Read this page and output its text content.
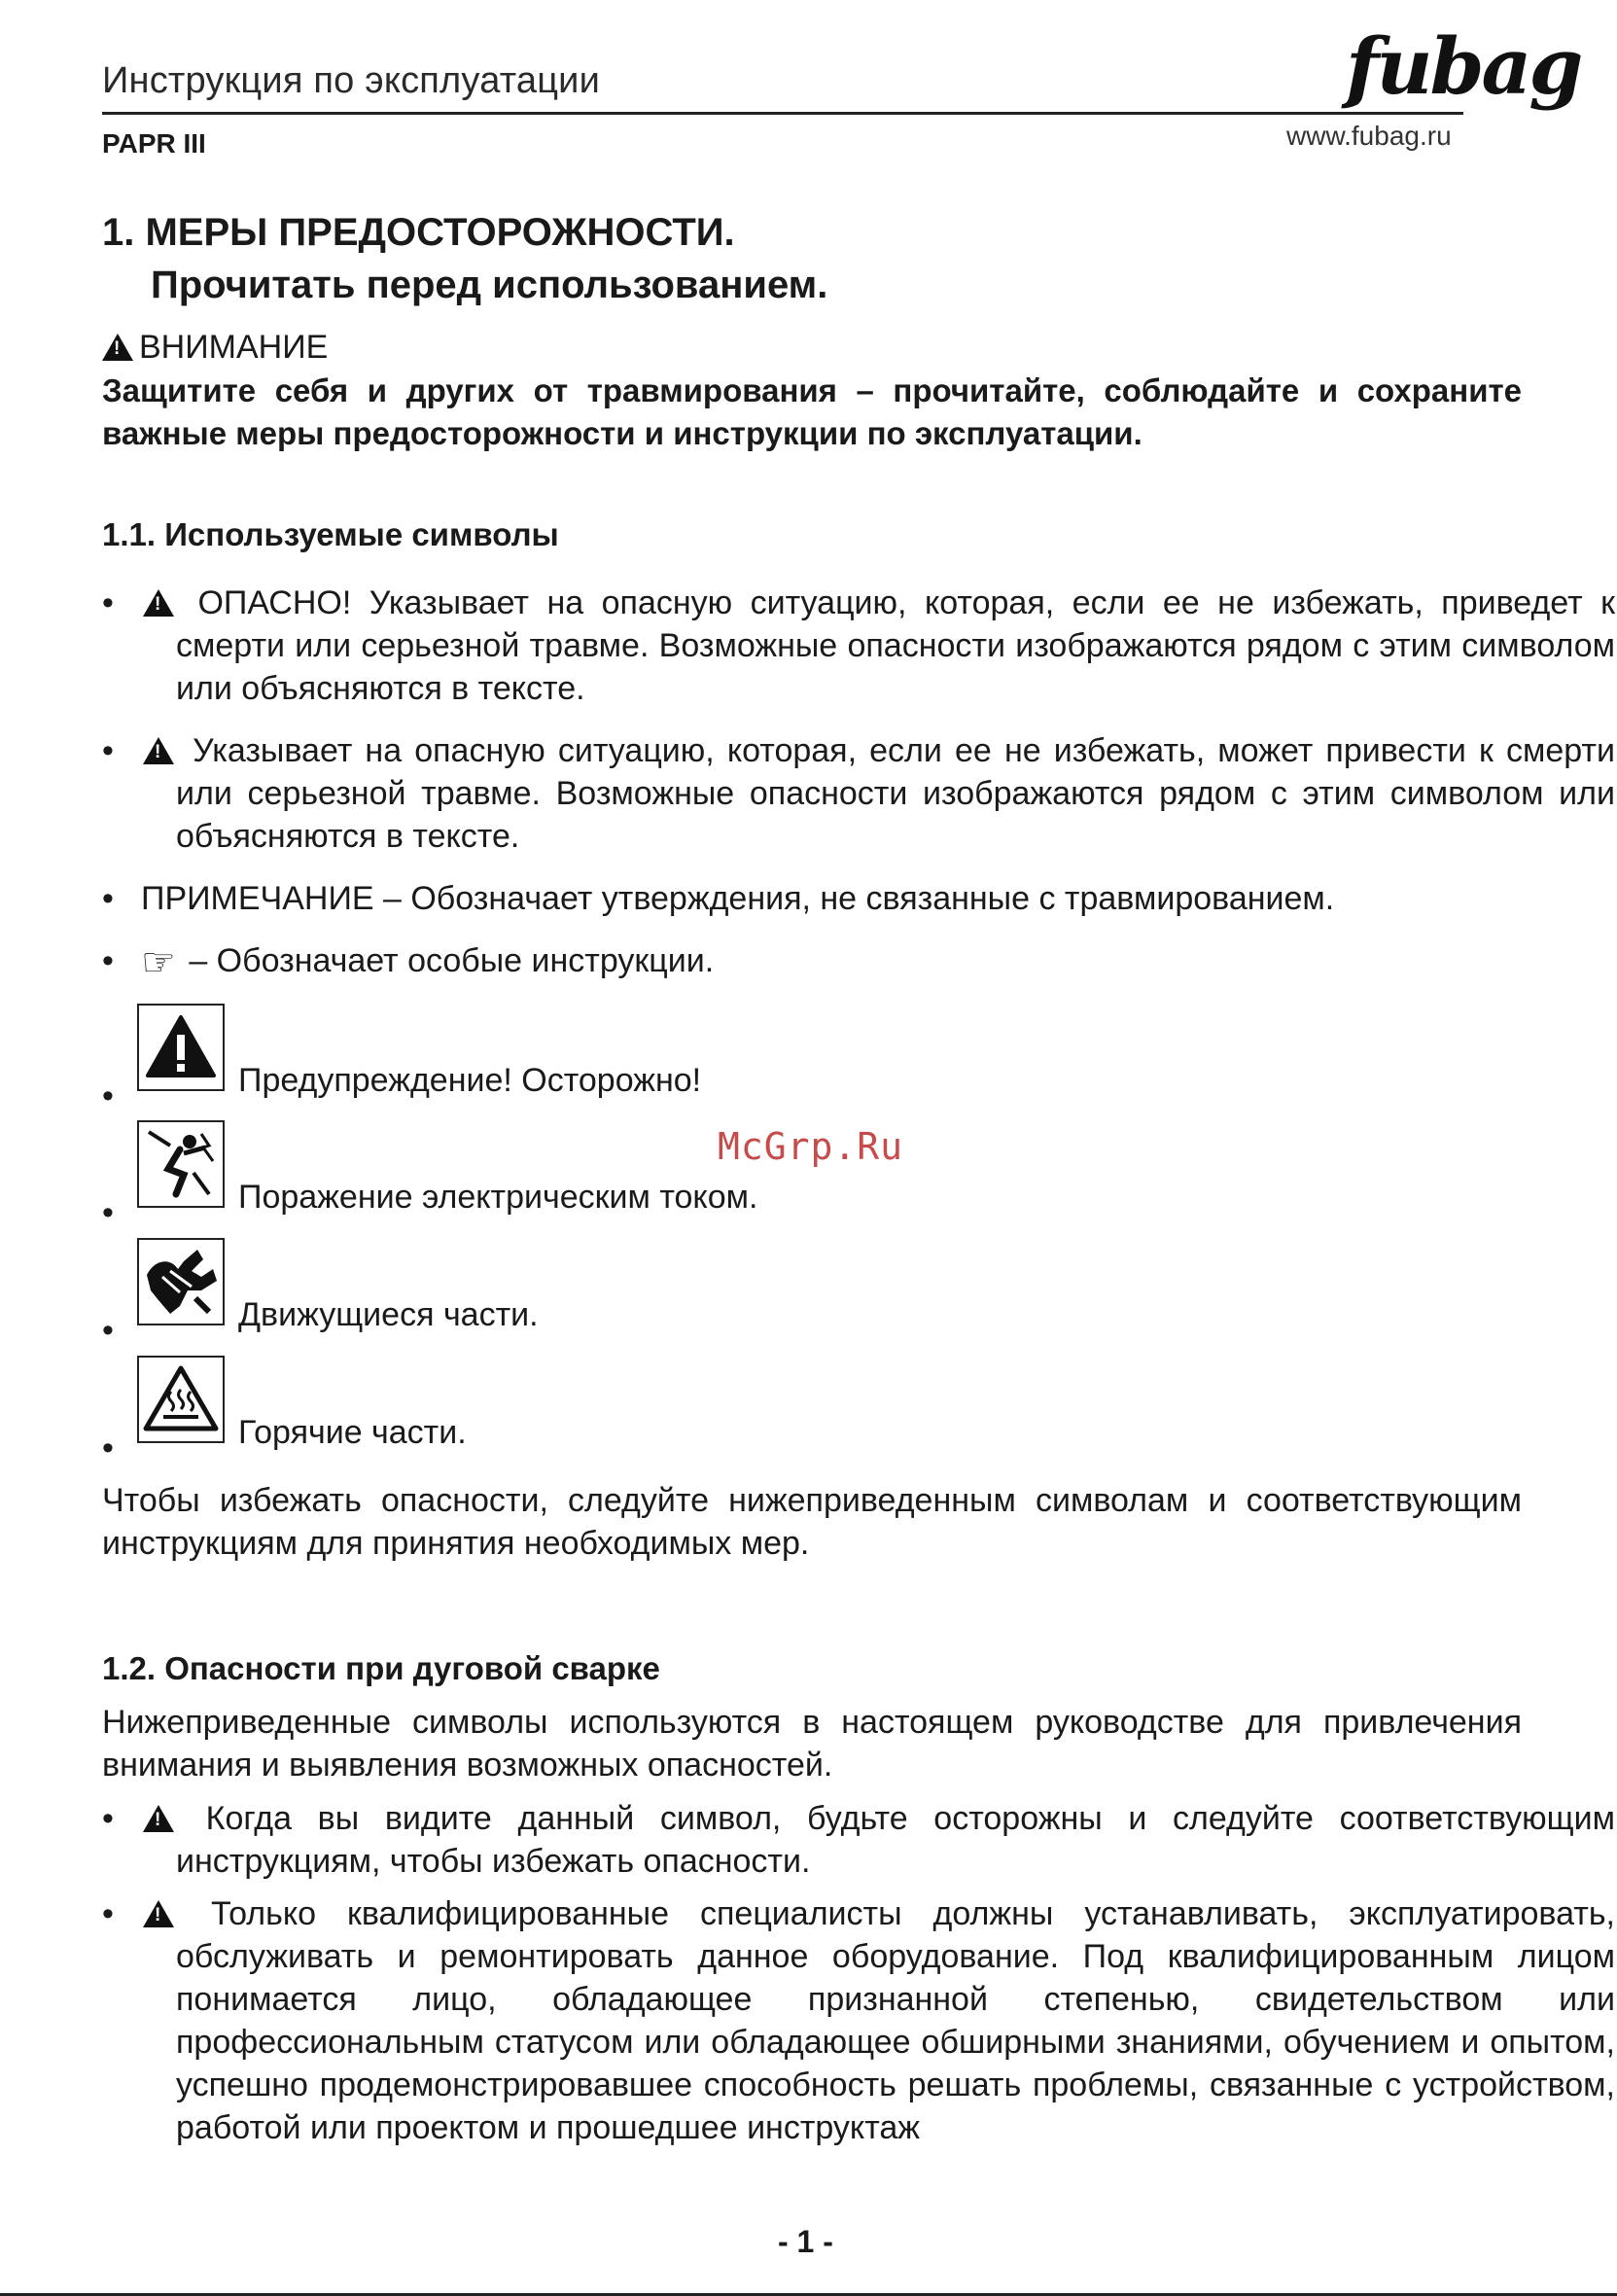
Инструкция по эксплуатации
PAPR III
fubag
www.fubag.ru
1. МЕРЫ ПРЕДОСТОРОЖНОСТИ.
Прочитать перед использованием.
!ВНИМАНИЕ
Защитите себя и других от травмирования – прочитайте, соблюдайте и сохраните важные меры предосторожности и инструкции по эксплуатации.
1.1. Используемые символы
• !	ОПАСНО! Указывает на опасную ситуацию, которая, если ее не избежать, приведет к смерти или серьезной травме. Возможные опасности изображаются рядом с этим символом или объясняются в тексте.
• !	Указывает на опасную ситуацию, которая, если ее не избежать, может привести к смерти или серьезной травме. Возможные опасности изображаются рядом с этим символом или объясняются в тексте.
• ПРИМЕЧАНИЕ – Обозначает утверждения, не связанные с травмированием.
• ☞ – Обозначает особые инструкции.
•	Предупреждение! Осторожно!
•	Поражение электрическим током.
•	Движущиеся части.
•	Горячие части.
Чтобы избежать опасности, следуйте нижеприведенным символам и соответствующим инструкциям для принятия необходимых мер.
McGrp.Ru
1.2. Опасности при дуговой сварке
Нижеприведенные символы используются в настоящем руководстве для привлечения внимания и выявления возможных опасностей.
• !	Когда вы видите данный символ, будьте осторожны и следуйте соответствующим инструкциям, чтобы избежать опасности.
• !	Только квалифицированные специалисты должны устанавливать, эксплуатировать, обслуживать и ремонтировать данное оборудование. Под квалифицированным лицом понимается лицо, обладающее признанной степенью, свидетельством или профессиональным статусом или обладающее обширными знаниями, обучением и опытом, успешно продемонстрировавшее способность решать проблемы, связанные с устройством, работой или проектом и прошедшее инструктаж
- 1 -
